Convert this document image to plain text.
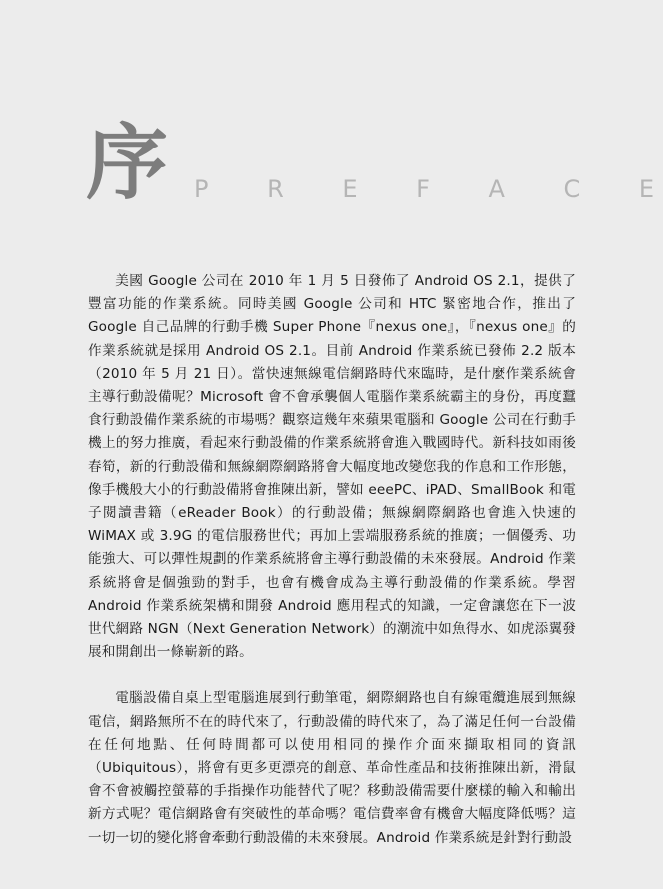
序 P R E F A C E

美國 Google 公司在 2010 年 1 月 5 日發佈了 Android OS 2.1，提供了豐富功能的作業系統。同時美國 Google 公司和 HTC 緊密地合作，推出了 Google 自己品牌的行動手機 Super Phone『nexus one』，『nexus one』的作業系統就是採用 Android OS 2.1。目前 Android 作業系統已發佈 2.2 版本（2010 年 5 月 21 日）。當快速無線電信網路時代來臨時，是什麼作業系統會主導行動設備呢？Microsoft 會不會承襲個人電腦作業系統霸主的身份，再度蠶食行動設備作業系統的市場嗎？觀察這幾年來蘋果電腦和 Google 公司在行動手機上的努力推廣，看起來行動設備的作業系統將會進入戰國時代。新科技如雨後春筍，新的行動設備和無線網際網路將會大幅度地改變您我的作息和工作形態，像手機般大小的行動設備將會推陳出新，譬如 eeePC、iPAD、SmallBook 和電子閱讀書籍（eReader Book）的行動設備；無線網際網路也會進入快速的 WiMAX 或 3.9G 的電信服務世代；再加上雲端服務系統的推廣；一個優秀、功能強大、可以彈性規劃的作業系統將會主導行動設備的未來發展。Android 作業系統將會是個強勁的對手，也會有機會成為主導行動設備的作業系統。學習 Android 作業系統架構和開發 Android 應用程式的知識，一定會讓您在下一波世代網路 NGN（Next Generation Network）的潮流中如魚得水、如虎添翼發展和開創出一條嶄新的路。

電腦設備自桌上型電腦進展到行動筆電，網際網路也自有線電纜進展到無線電信，網路無所不在的時代來了，行動設備的時代來了，為了滿足任何一台設備在任何地點、任何時間都可以使用相同的操作介面來擷取相同的資訊（Ubiquitous），將會有更多更漂亮的創意、革命性產品和技術推陳出新，滑鼠會不會被觸控螢幕的手指操作功能替代了呢？移動設備需要什麼樣的輸入和輸出新方式呢？電信網路會有突破性的革命嗎？電信費率會有機會大幅度降低嗎？這一切一切的變化將會牽動行動設備的未來發展。Android 作業系統是針對行動設
